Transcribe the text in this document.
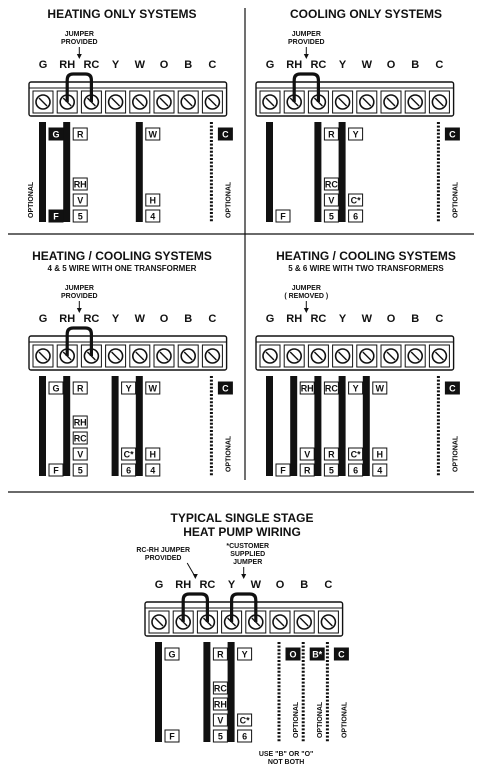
HEATING ONLY SYSTEMS
JUMPER
PROVIDED
G RH RC Y W O B C
G
F
OPTIONAL
R
RH
V
5
W
H
4
C
OPTIONAL
COOLING ONLY SYSTEMS
JUMPER
PROVIDED
G RH RC Y W O B C
F
R
RC
V
5
Y
C*
6
C
OPTIONAL
HEATING / COOLING SYSTEMS
4 & 5 WIRE WITH ONE TRANSFORMER
JUMPER
PROVIDED
G RH RC Y W O B C
G
F
R
RH
RC
V
5
Y
C*
6
W
H
4
C
OPTIONAL
HEATING / COOLING SYSTEMS
5 & 6 WIRE WITH TWO TRANSFORMERS
JUMPER
( REMOVED )
G RH RC Y W O B C
F
RH
V
R
RC
R
5
Y
C*
6
W
H
4
C
OPTIONAL
TYPICAL SINGLE STAGE
HEAT PUMP WIRING
RC-RH JUMPER
PROVIDED
*CUSTOMER
SUPPLIED
JUMPER
G RH RC Y W O B C
G
F
R
RC
RH
V
5
Y
C*
6
O
OPTIONAL
B*
OPTIONAL
C
OPTIONAL
USE "B" OR "O"
NOT BOTH
